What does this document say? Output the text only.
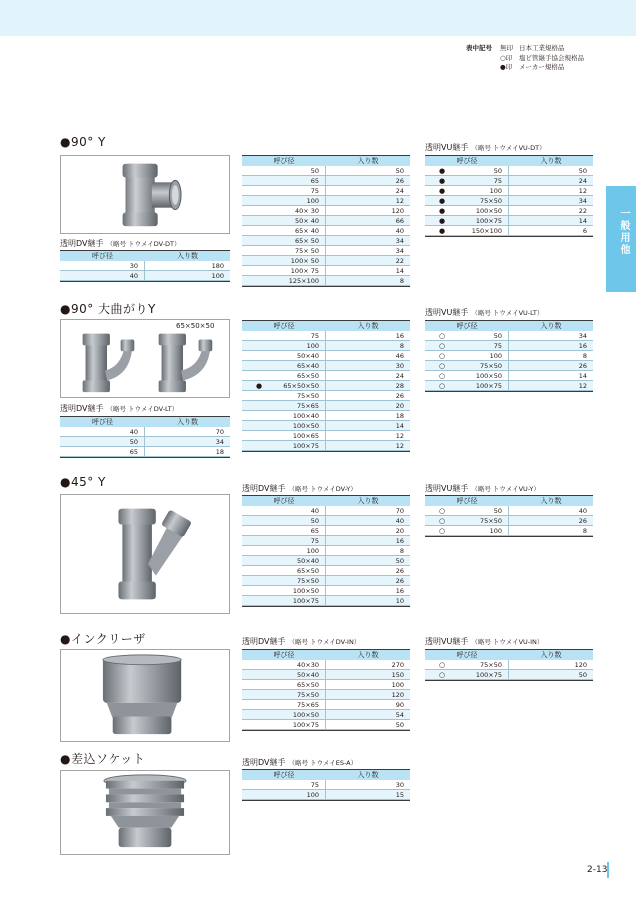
表中記号	無印 日本工業規格品
○印	塩ビ管継手協会規格品
●印	メーカー規格品
一般用他
●90° Y
透明DV継手 （略号 トウメイDV-DT）
呼び径	入り数
30	180
40	100
呼び径	入り数
50	50
65	26
75	24
100	12
40× 30	120
50× 40	66
65× 40	40
65× 50	34
75× 50	34
100× 50	22
100× 75	14
125×100	8
透明VU継手 （略号 トウメイVU-DT）
呼び径	入り数
●	50	50
●	75	24
●	100	12
●	75×50	34
●	100×50	22
●	100×75	14
●	150×100	6
●90° 大曲がりY
65×50×50
透明DV継手 （略号 トウメイDV-LT）
呼び径	入り数
40	70
50	34
65	18
呼び径	入り数
75	16
100	8
50×40	46
65×40	30
65×50	24
●	65×50×50	28
75×50	26
75×65	20
100×40	18
100×50	14
100×65	12
100×75	12
透明VU継手 （略号 トウメイVU-LT）
呼び径	入り数
○	50	34
○	75	16
○	100	8
○	75×50	26
○	100×50	14
○	100×75	12
●45° Y	透明DV継手 （略号 トウメイDV-Y）
呼び径	入り数
40	70
50	40
65	20
75	16
100	8
50×40	50
65×50	26
75×50	26
100×50	16
100×75	10
透明VU継手 （略号 トウメイVU-Y）
呼び径	入り数
○	50	40
○	75×50	26
○	100	8
●インクリーザ	透明DV継手 （略号 トウメイDV-IN）
呼び径	入り数
40×30	270
50×40	150
65×50	100
75×50	120
75×65	90
100×50	54
100×75	50
透明VU継手 （略号 トウメイVU-IN）
呼び径	入り数
○	75×50	120
○	100×75	50
●差込ソケット	透明DV継手 （略号 トウメイES-A）
呼び径	入り数
75	30
100	15
2-13
